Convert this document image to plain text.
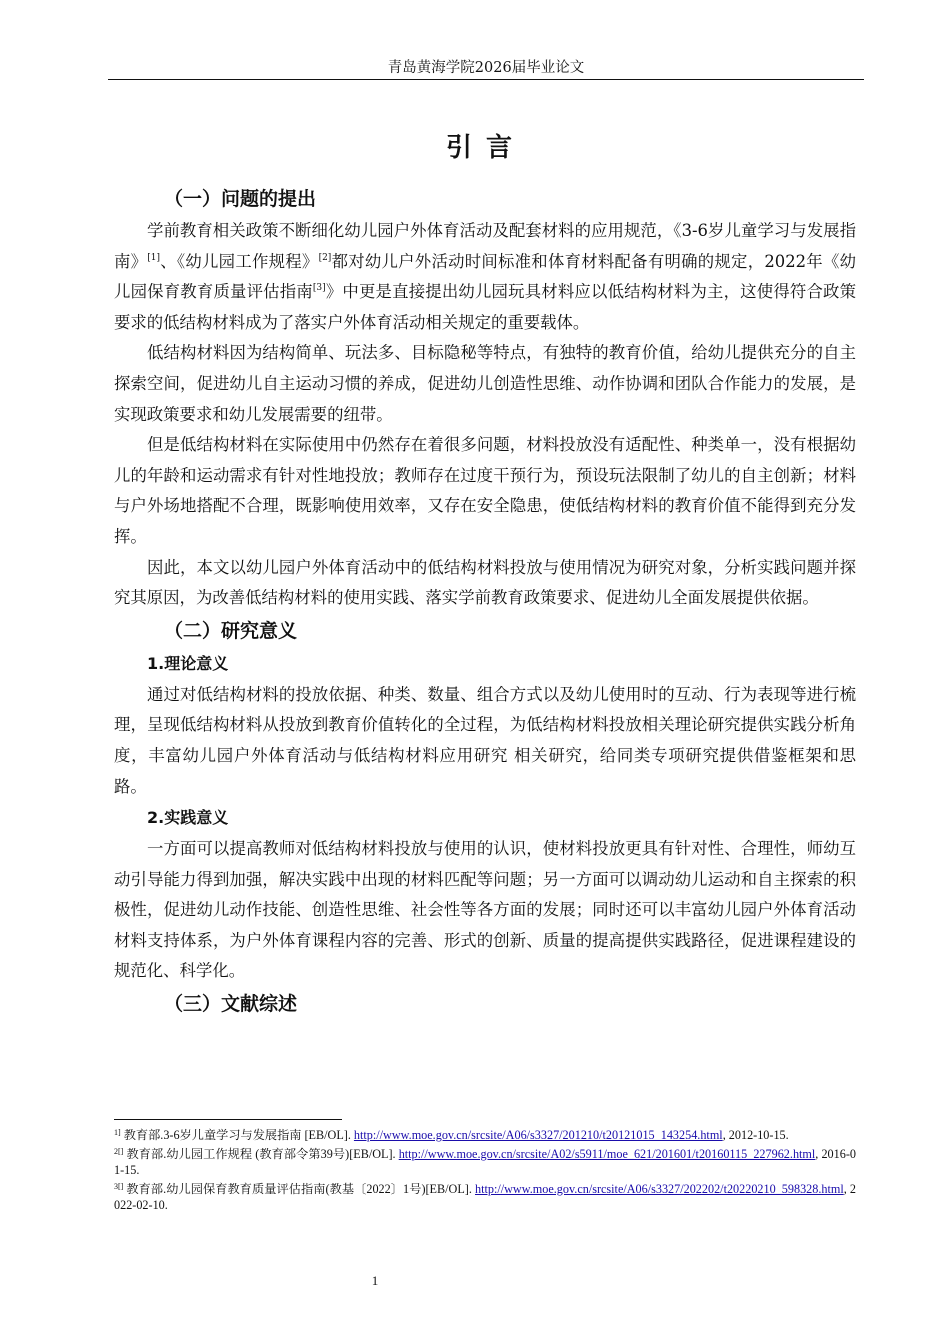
青岛黄海学院2026届毕业论文
引言
（一）问题的提出

学前教育相关政策不断细化幼儿园户外体育活动及配套材料的应用规范，《3-6岁儿童学习与发展指南》[1]、《幼儿园工作规程》[2]都对幼儿户外活动时间标准和体育材料配备有明确的规定，2022年《幼儿园保育教育质量评估指南[3]》中更是直接提出幼儿园玩具材料应以低结构材料为主，这使得符合政策要求的低结构材料成为了落实户外体育活动相关规定的重要载体。

低结构材料因为结构简单、玩法多、目标隐秘等特点，有独特的教育价值，给幼儿提供充分的自主探索空间，促进幼儿自主运动习惯的养成，促进幼儿创造性思维、动作协调和团队合作能力的发展，是实现政策要求和幼儿发展需要的纽带。

但是低结构材料在实际使用中仍然存在着很多问题，材料投放没有适配性、种类单一，没有根据幼儿的年龄和运动需求有针对性地投放；教师存在过度干预行为，预设玩法限制了幼儿的自主创新；材料与户外场地搭配不合理，既影响使用效率，又存在安全隐患，使低结构材料的教育价值不能得到充分发挥。

因此，本文以幼儿园户外体育活动中的低结构材料投放与使用情况为研究对象，分析实践问题并探究其原因，为改善低结构材料的使用实践、落实学前教育政策要求、促进幼儿全面发展提供依据。

（二）研究意义
1.理论意义

通过对低结构材料的投放依据、种类、数量、组合方式以及幼儿使用时的互动、行为表现等进行梳理，呈现低结构材料从投放到教育价值转化的全过程，为低结构材料投放相关理论研究提供实践分析角度，丰富幼儿园户外体育活动与低结构材料应用研究 相关研究，给同类专项研究提供借鉴框架和思路。

2.实践意义

一方面可以提高教师对低结构材料投放与使用的认识，使材料投放更具有针对性、合理性，师幼互动引导能力得到加强，解决实践中出现的材料匹配等问题；另一方面可以调动幼儿运动和自主探索的积极性，促进幼儿动作技能、创造性思维、社会性等各方面的发展；同时还可以丰富幼儿园户外体育活动材料支持体系，为户外体育课程内容的完善、形式的创新、质量的提高提供实践路径，促进课程建设的规范化、科学化。

（三）文献综述

$^{1]}$ 教育部.3-6岁儿童学习与发展指南 [EB/OL]. http://www.moe.gov.cn/srcsite/A06/s3327/201210/t20121015_143254.html, 2012-10-15.

$^{2[]}$ 教育部.幼儿园工作规程 (教育部令第39号)[EB/OL]. http://www.moe.gov.cn/srcsite/A02/s5911/moe_621/201601/t20160115_227962.html, 2016-01-15.

$^{3[]}$ 教育部.幼儿园保育教育质量评估指南(教基〔2022〕1号)[EB/OL]. http://www.moe.gov.cn/srcsite/A06/s3327/202202/t20220210_598328.html, 2022-02-10.

1
